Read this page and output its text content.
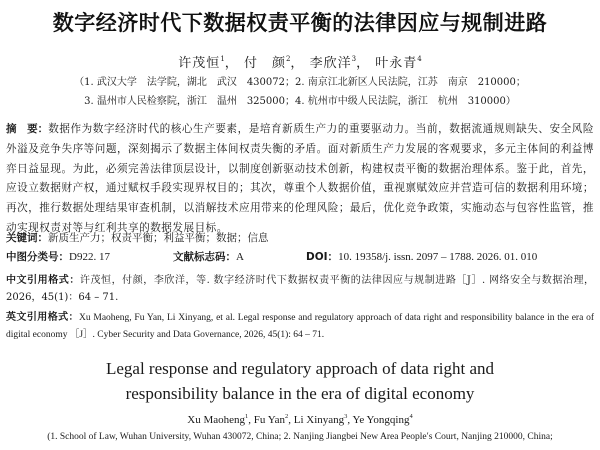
数字经济时代下数据权责平衡的法律因应与规制进路
许茂恒$^1$， 付　颜$^2$， 李欣洋$^3$， 叶永青$^4$
（1. 武汉大学　法学院，湖北　武汉　430072；2. 南京江北新区人民法院，江苏　南京　210000；
3. 温州市人民检察院，浙江　温州　325000；4. 杭州市中级人民法院，浙江　杭州　310000）
摘　要：数据作为数字经济时代的核心生产要素，是培育新质生产力的重要驱动力。当前，数据流通规则缺失、安全风险外溢及竞争失序等问题，深刻揭示了数据主体间权责失衡的矛盾。面对新质生产力发展的客观要求，多元主体间的利益博弈日益显现。为此，必须完善法律顶层设计，以制度创新驱动技术创新，构建权责平衡的数据治理体系。鉴于此，首先，应设立数据财产权，通过赋权手段实现界权目的；其次，尊重个人数据价值，重视禀赋效应并营造可信的数据利用环境；再次，推行数据处理结果审查机制，以消解技术应用带来的伦理风险；最后，优化竞争政策，实施动态与包容性监管，推动实现权责对等与红利共享的数据发展目标。
关键词：新质生产力；权责平衡；利益平衡；数据；信息
中图分类号：D922. 17	文献标志码：A	DOI：10. 19358/j. issn. 2097 – 1788. 2026. 01. 010
中文引用格式：许茂恒，付颜，李欣洋，等. 数字经济时代下数据权责平衡的法律因应与规制进路［J］. 网络安全与数据治理，2026，45(1)：64 – 71.
英文引用格式：Xu Maoheng, Fu Yan, Li Xinyang, et al. Legal response and regulatory approach of data right and responsibility balance in the era of digital economy ［J］. Cyber Security and Data Governance, 2026, 45(1): 64 – 71.
Legal response and regulatory approach of data right and
responsibility balance in the era of digital economy
Xu Maoheng$^1$, Fu Yan$^2$, Li Xinyang$^3$, Ye Yongqing$^4$
(1. School of Law, Wuhan University, Wuhan 430072, China; 2. Nanjing Jiangbei New Area People′s Court, Nanjing 210000, China;
